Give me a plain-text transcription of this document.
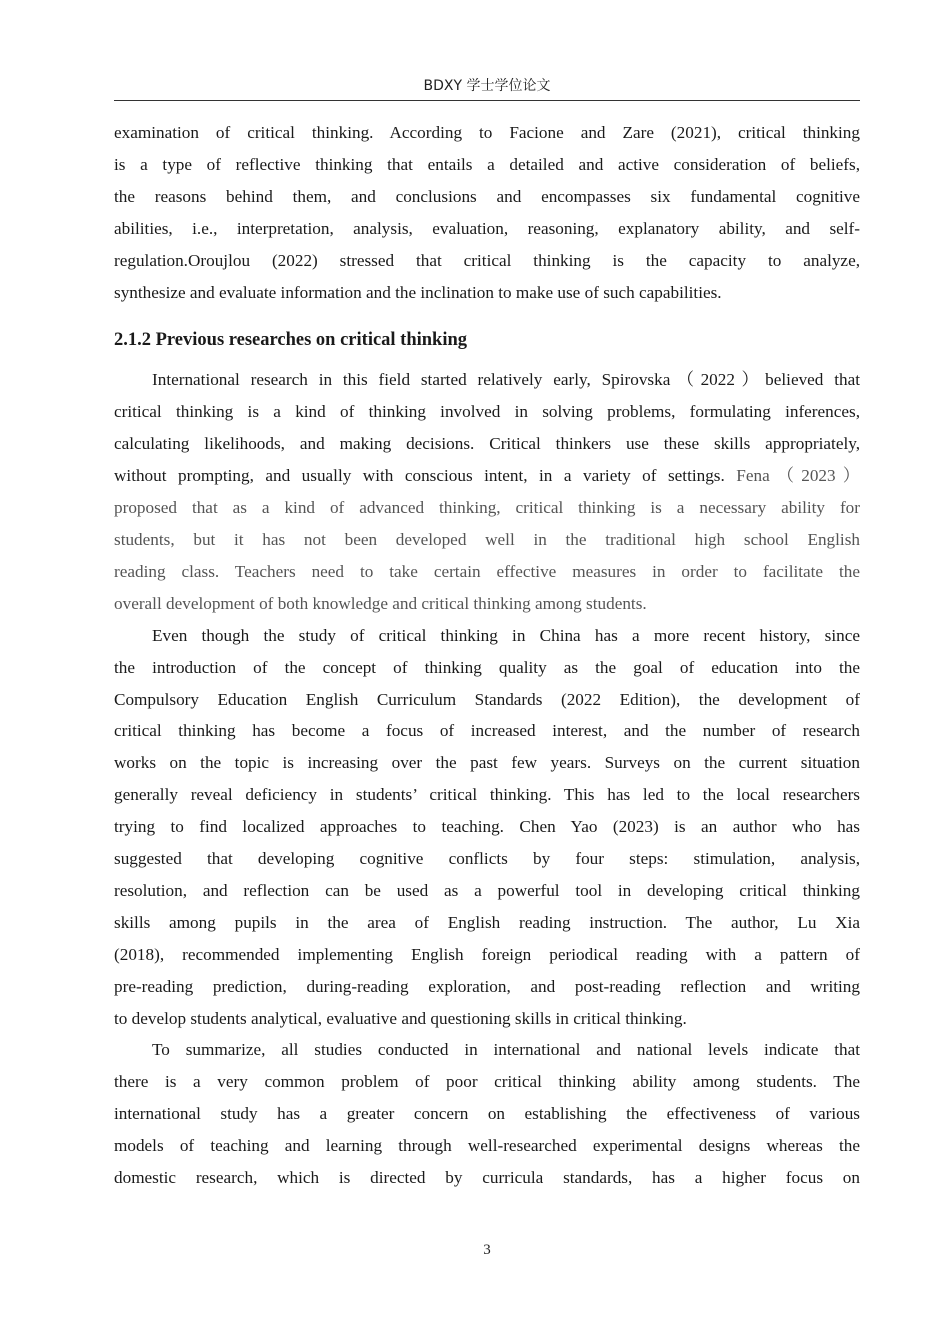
BDXY 学士学位论文

examination of critical thinking. According to Facione and Zare (2021), critical thinking

is a type of reflective thinking that entails a detailed and active consideration of beliefs,

the reasons behind them, and conclusions and encompasses six fundamental cognitive

abilities, i.e., interpretation, analysis, evaluation, reasoning, explanatory ability, and self-

regulation.Oroujlou (2022) stressed that critical thinking is the capacity to analyze,

synthesize and evaluate information and the inclination to make use of such capabilities.

2.1.2 Previous researches on critical thinking

International research in this field started relatively early, Spirovska（2022）believed that

critical thinking is a kind of thinking involved in solving problems, formulating inferences,

calculating likelihoods, and making decisions. Critical thinkers use these skills appropriately,

without prompting, and usually with conscious intent, in a variety of settings. Fena（2023）

proposed that as a kind of advanced thinking, critical thinking is a necessary ability for

students, but it has not been developed well in the traditional high school English

reading class. Teachers need to take certain effective measures in order to facilitate the

overall development of both knowledge and critical thinking among students.

Even though the study of critical thinking in China has a more recent history, since

the introduction of the concept of thinking quality as the goal of education into the

Compulsory Education English Curriculum Standards (2022 Edition), the development of

critical thinking has become a focus of increased interest, and the number of research

works on the topic is increasing over the past few years. Surveys on the current situation

generally reveal deficiency in students’ critical thinking. This has led to the local researchers

trying to find localized approaches to teaching. Chen Yao (2023) is an author who has

suggested that developing cognitive conflicts by four steps: stimulation, analysis,

resolution, and reflection can be used as a powerful tool in developing critical thinking

skills among pupils in the area of English reading instruction. The author, Lu Xia

(2018), recommended implementing English foreign periodical reading with a pattern of

pre-reading prediction, during-reading exploration, and post-reading reflection and writing

to develop students analytical, evaluative and questioning skills in critical thinking.

To summarize, all studies conducted in international and national levels indicate that

there is a very common problem of poor critical thinking ability among students. The

international study has a greater concern on establishing the effectiveness of various

models of teaching and learning through well-researched experimental designs whereas the

domestic research, which is directed by curricula standards, has a higher focus on

3
